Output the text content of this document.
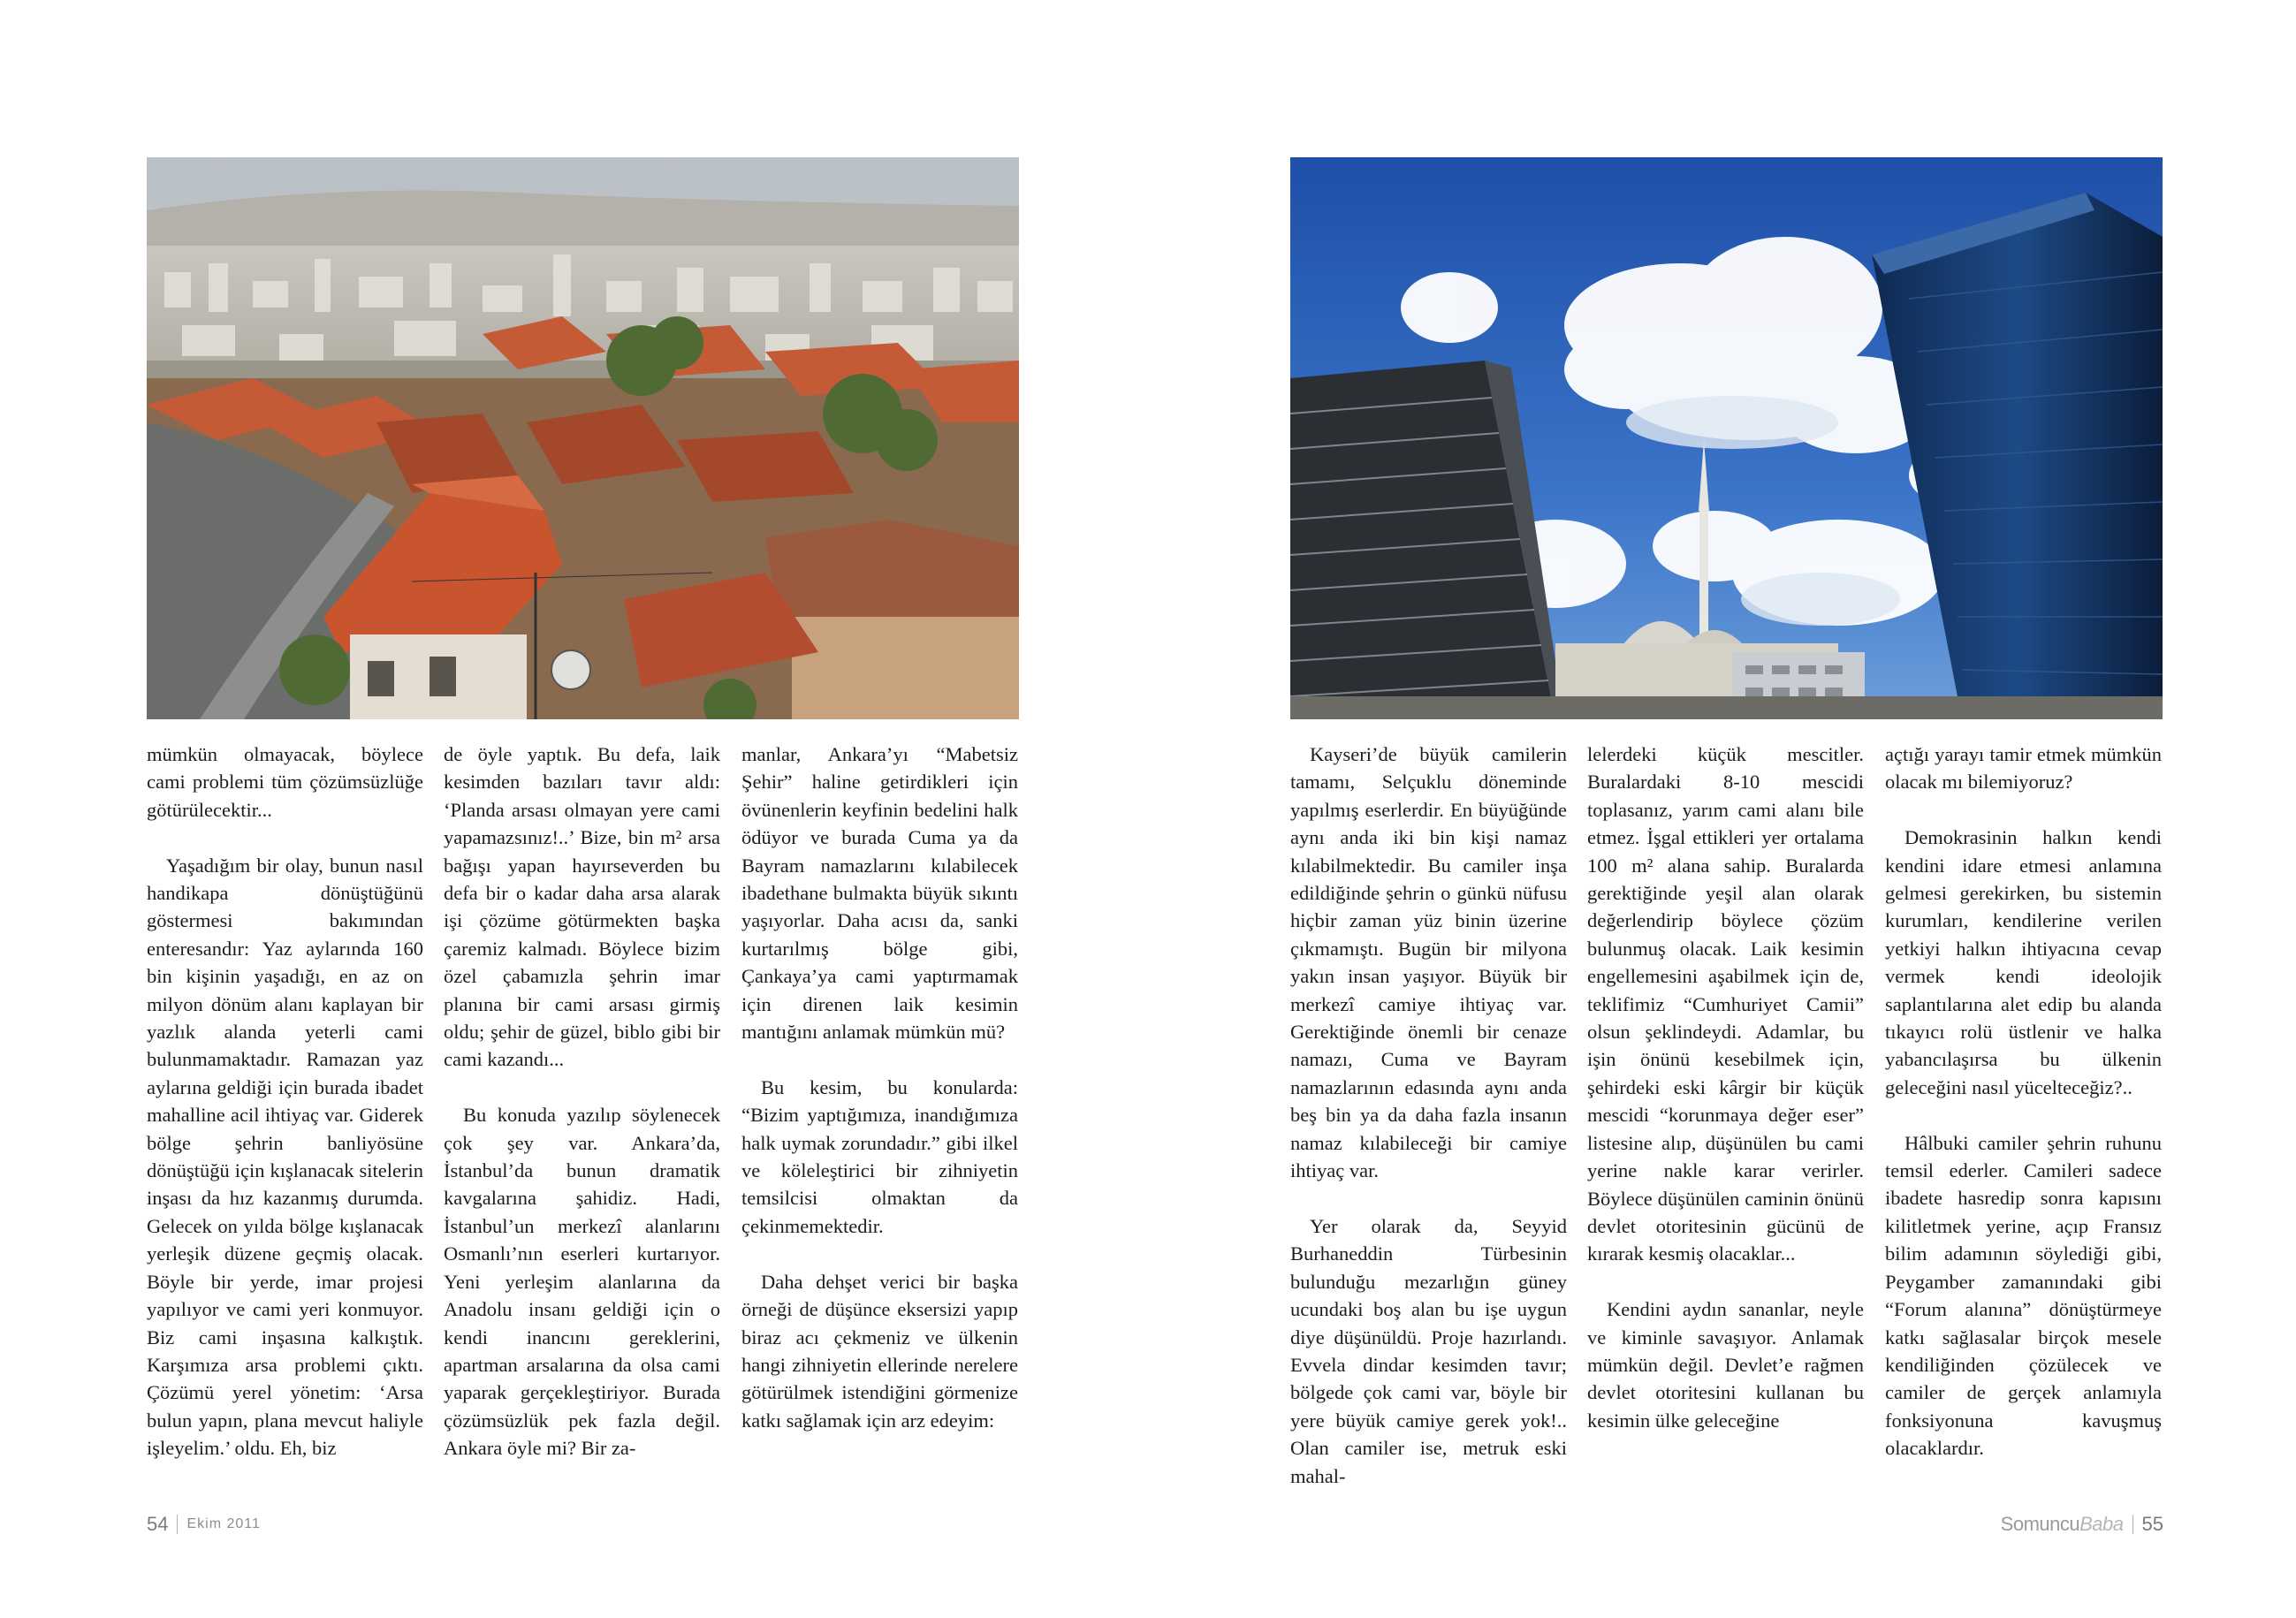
mümkün olmayacak, böylece cami problemi tüm çözümsüzlüğe götürülecektir...

Yaşadığım bir olay, bunun nasıl handikapa dönüştüğünü göstermesi bakımından enteresandır: Yaz aylarında 160 bin kişinin yaşadığı, en az on milyon dönüm alanı kaplayan bir yazlık alanda yeterli cami bulunmamaktadır. Ramazan yaz aylarına geldiği için burada ibadet mahalline acil ihtiyaç var. Giderek bölge şehrin banliyösüne dönüştüğü için kışlanacak sitelerin inşası da hız kazanmış durumda. Gelecek on yılda bölge kışlanacak yerleşik düzene geçmiş olacak. Böyle bir yerde, imar projesi yapılıyor ve cami yeri konmuyor. Biz cami inşasına kalkıştık. Karşımıza arsa problemi çıktı. Çözümü yerel yönetim: ‘Arsa bulun yapın, plana mevcut haliyle işleyelim.’ oldu. Eh, biz

de öyle yaptık. Bu defa, laik kesimden bazıları tavır aldı: ‘Planda arsası olmayan yere cami yapamazsınız!..’ Bize, bin m² arsa bağışı yapan hayırseverden bu defa bir o kadar daha arsa alarak işi çözüme götürmekten başka çaremiz kalmadı. Böylece bizim özel çabamızla şehrin imar planına bir cami arsası girmiş oldu; şehir de güzel, biblo gibi bir cami kazandı...

Bu konuda yazılıp söylenecek çok şey var. Ankara’da, İstanbul’da bunun dramatik kavgalarına şahidiz. Hadi, İstanbul’un merkezî alanlarını Osmanlı’nın eserleri kurtarıyor. Yeni yerleşim alanlarına da Anadolu insanı geldiği için o kendi inancını gereklerini, apartman arsalarına da olsa cami yaparak gerçekleştiriyor. Burada çözümsüzlük pek fazla değil. Ankara öyle mi? Bir za-

manlar, Ankara’yı “Mabetsiz Şehir” haline getirdikleri için övünenlerin keyfinin bedelini halk ödüyor ve burada Cuma ya da Bayram namazlarını kılabilecek ibadethane bulmakta büyük sıkıntı yaşıyorlar. Daha acısı da, sanki kurtarılmış bölge gibi, Çankaya’ya cami yaptırmamak için direnen laik kesimin mantığını anlamak mümkün mü?

Bu kesim, bu konularda: “Bizim yaptığımıza, inandığımıza halk uymak zorundadır.” gibi ilkel ve köleleştirici bir zihniyetin temsilcisi olmaktan da çekinmemektedir.

Daha dehşet verici bir başka örneği de düşünce eksersizi yapıp biraz acı çekmeniz ve ülkenin hangi zihniyetin ellerinde nerelere götürülmek istendiğini görmenize katkı sağlamak için arz edeyim:

54 Ekim 2011

Kayseri’de büyük camilerin tamamı, Selçuklu döneminde yapılmış eserlerdir. En büyüğünde aynı anda iki bin kişi namaz kılabilmektedir. Bu camiler inşa edildiğinde şehrin o günkü nüfusu hiçbir zaman yüz binin üzerine çıkmamıştı. Bugün bir milyona yakın insan yaşıyor. Büyük bir merkezî camiye ihtiyaç var. Gerektiğinde önemli bir cenaze namazı, Cuma ve Bayram namazlarının edasında aynı anda beş bin ya da daha fazla insanın namaz kılabileceği bir camiye ihtiyaç var.

Yer olarak da, Seyyid Burhaneddin Türbesinin bulunduğu mezarlığın güney ucundaki boş alan bu işe uygun diye düşünüldü. Proje hazırlandı. Evvela dindar kesimden tavır; bölgede çok cami var, böyle bir yere büyük camiye gerek yok!.. Olan camiler ise, metruk eski mahal-

lelerdeki küçük mescitler. Buralardaki 8-10 mescidi toplasanız, yarım cami alanı bile etmez. İşgal ettikleri yer ortalama 100 m² alana sahip. Buralarda gerektiğinde yeşil alan olarak değerlendirip böylece çözüm bulunmuş olacak. Laik kesimin engellemesini aşabilmek için de, teklifimiz “Cumhuriyet Camii” olsun şeklindeydi. Adamlar, bu işin önünü kesebilmek için, şehirdeki eski kârgir bir küçük mescidi “korunmaya değer eser” listesine alıp, düşünülen bu cami yerine nakle karar verirler. Böylece düşünülen caminin önünü devlet otoritesinin gücünü de kırarak kesmiş olacaklar...

Kendini aydın sananlar, neyle ve kiminle savaşıyor. Anlamak mümkün değil. Devlet’e rağmen devlet otoritesini kullanan bu kesimin ülke geleceğine

açtığı yarayı tamir etmek mümkün olacak mı bilemiyoruz?

Demokrasinin halkın kendi kendini idare etmesi anlamına gelmesi gerekirken, bu sistemin kurumları, kendilerine verilen yetkiyi halkın ihtiyacına cevap vermek kendi ideolojik saplantılarına alet edip bu alanda tıkayıcı rolü üstlenir ve halka yabancılaşırsa bu ülkenin geleceğini nasıl yücelteceğiz?..

Hâlbuki camiler şehrin ruhunu temsil ederler. Camileri sadece ibadete hasredip sonra kapısını kilitletmek yerine, açıp Fransız bilim adamının söylediği gibi, Peygamber zamanındaki gibi “Forum alanına” dönüştürmeye katkı sağlasalar birçok mesele kendiliğinden çözülecek ve camiler de gerçek anlamıyla fonksiyonuna kavuşmuş olacaklardır.

SomuncuBaba 55
